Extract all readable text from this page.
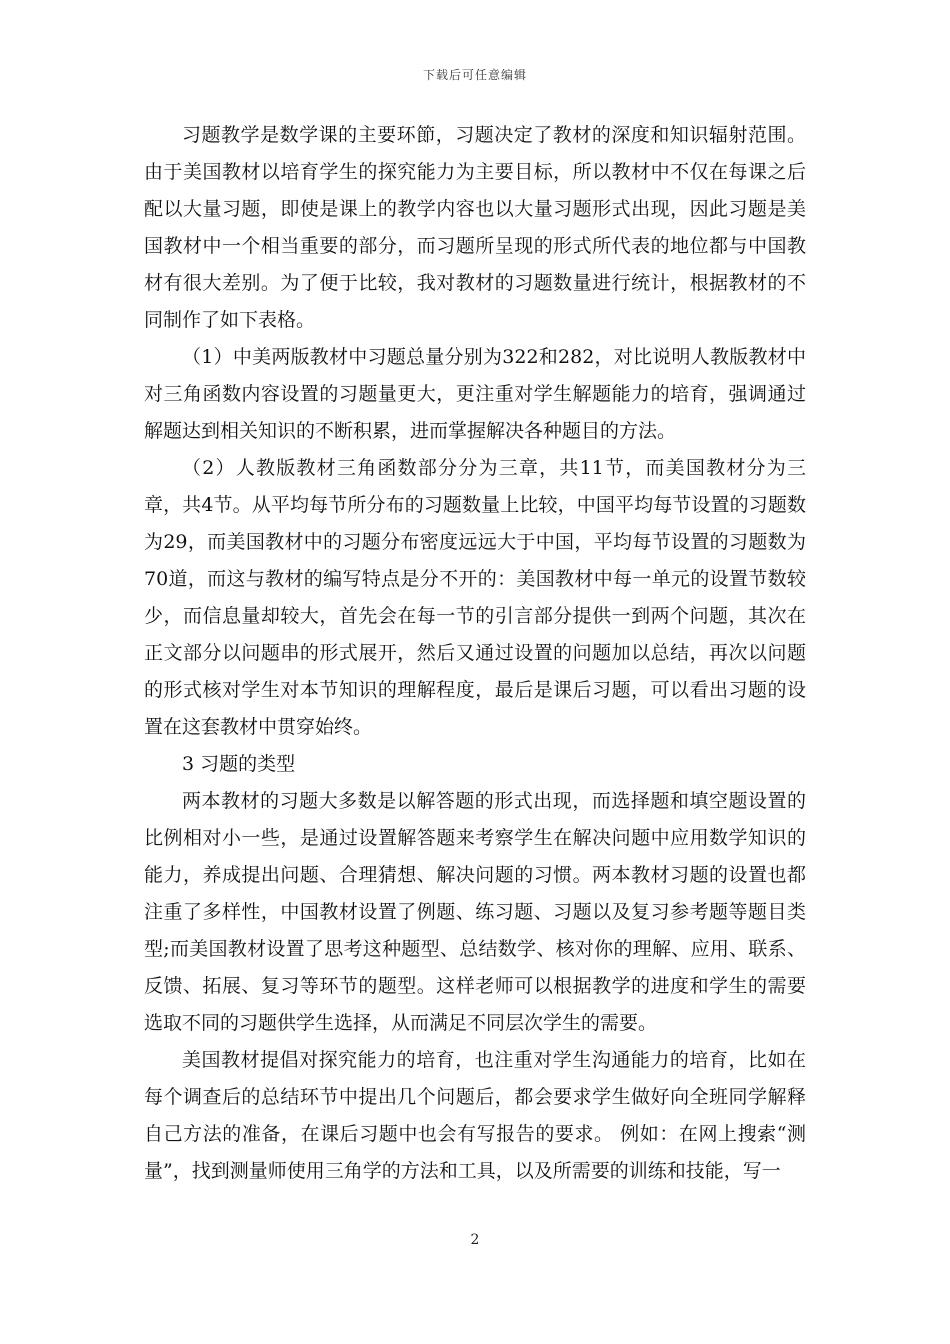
下载后可任意编辑

习题教学是数学课的主要环節，习题决定了教材的深度和知识辐射范围。由于美国教材以培育学生的探究能力为主要目标，所以教材中不仅在每课之后配以大量习题，即使是课上的教学内容也以大量习题形式出现，因此习题是美国教材中一个相当重要的部分，而习题所呈现的形式所代表的地位都与中国教材有很大差别。为了便于比较，我对教材的习题数量进行统计，根据教材的不同制作了如下表格。

（1）中美两版教材中习题总量分别为322和282，对比说明人教版教材中对三角函数内容设置的习题量更大，更注重对学生解题能力的培育，强调通过解题达到相关知识的不断积累，进而掌握解决各种题目的方法。

（2）人教版教材三角函数部分分为三章，共11节，而美国教材分为三章，共4节。从平均每节所分布的习题数量上比较，中国平均每节设置的习题数为29，而美国教材中的习题分布密度远远大于中国，平均每节设置的习题数为70道，而这与教材的编写特点是分不开的：美国教材中每一单元的设置节数较少，而信息量却较大，首先会在每一节的引言部分提供一到两个问题，其次在正文部分以问题串的形式展开，然后又通过设置的问题加以总结，再次以问题的形式核对学生对本节知识的理解程度，最后是课后习题，可以看出习题的设置在这套教材中贯穿始终。

3 习题的类型

两本教材的习题大多数是以解答题的形式出现，而选择题和填空题设置的比例相对小一些，是通过设置解答题来考察学生在解决问题中应用数学知识的能力，养成提出问题、合理猜想、解决问题的习惯。两本教材习题的设置也都注重了多样性，中国教材设置了例题、练习题、习题以及复习参考题等题目类型;而美国教材设置了思考这种题型、总结数学、核对你的理解、应用、联系、反馈、拓展、复习等环节的题型。这样老师可以根据教学的进度和学生的需要选取不同的习题供学生选择，从而满足不同层次学生的需要。

美国教材提倡对探究能力的培育，也注重对学生沟通能力的培育，比如在每个调查后的总结环节中提出几个问题后，都会要求学生做好向全班同学解释自己方法的准备，在课后习题中也会有写报告的要求。 例如：在网上搜索“测量”，找到测量师使用三角学的方法和工具，以及所需要的训练和技能，写一

2
